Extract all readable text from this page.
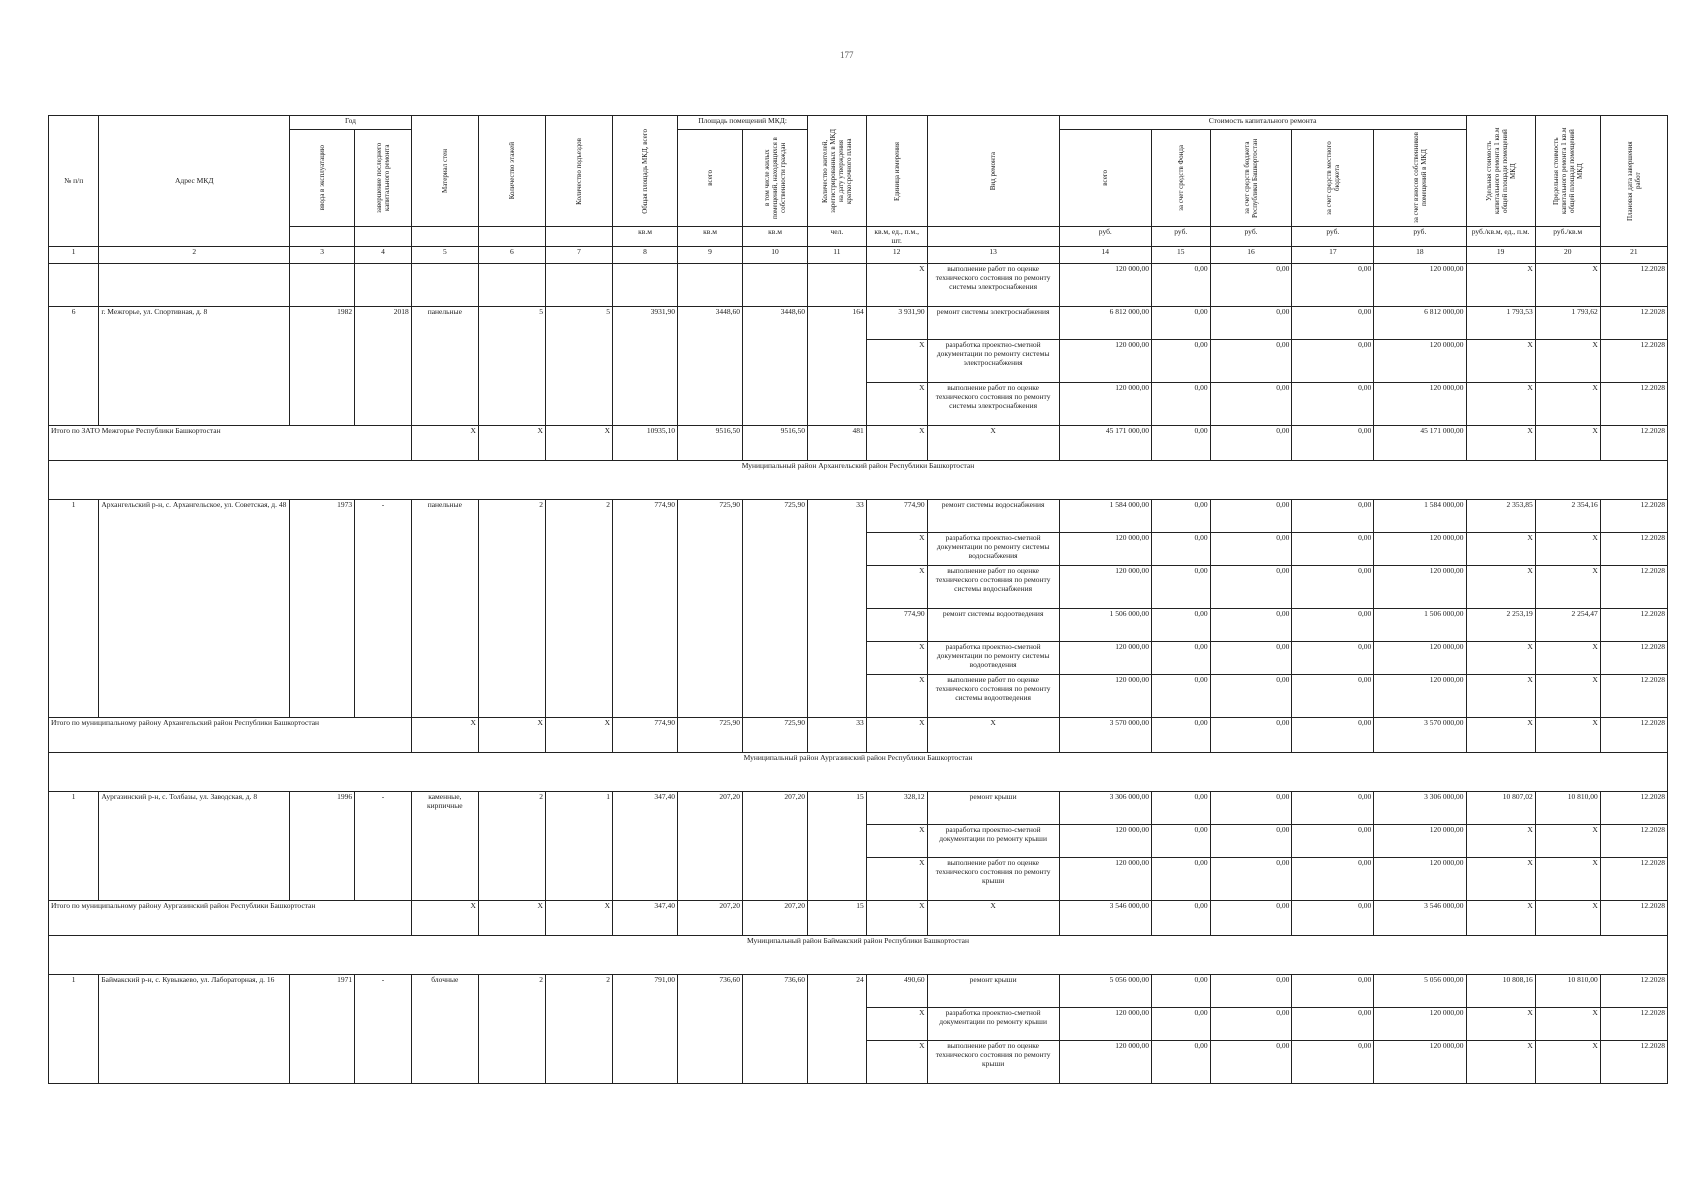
177
№ п/п	Адрес МКД	Год		Материал стен	Количество этажей	Количество подъездов	Общая площадь МКД, всего	Площадь помещений МКД:		Количество жителей, зарегистрированных в МКД на дату утверждения краткосрочного плана	Единица измерения	Вид ремонта	Стоимость капитального ремонта					Удельная стоимость капитального ремонта 1 кв.м общей площади помещений МКД	Предельная стоимость капитального ремонта 1 кв.м общей площади помещений МКД	Плановая дата завершения работ

		ввода в эксплуатацию	завершение последнего капитального ремонта					всего	в том числе жилых помещений, находящихся в собственности граждан				всего	за счет средств Фонда	за счет средств бюджета Республики Башкортостан	за счет средств местного бюджета	за счет взносов собственников помещений в МКД			

							кв.м	кв.м	кв.м	чел.	кв.м, ед., п.м., шт.		руб.	руб.	руб.	руб.	руб.	руб./кв.м, ед., п.м.	руб./кв.м	
1	2	3	4	5	6	7	8	9	10	11	12	13	14	15	16	17	18	19	20	21
											X	выполнение работ по оценке технического состояния по ремонту системы электроснабжения	120 000,00	0,00	0,00	0,00	120 000,00	X	X	12.2028
6	г. Межгорье, ул. Спортивная, д. 8	1982	2018	панельные	5	5	3931,90	3448,60	3448,60	164	3 931,90	ремонт системы электроснабжения	6 812 000,00	0,00	0,00	0,00	6 812 000,00	1 793,53	1 793,62	12.2028
											X	разработка проектно-сметной документации по ремонту системы электроснабжения	120 000,00	0,00	0,00	0,00	120 000,00	X	X	12.2028
											X	выполнение работ по оценке технического состояния по ремонту системы электроснабжения	120 000,00	0,00	0,00	0,00	120 000,00	X	X	12.2028
Итого по ЗАТО Межгорье Республики Башкортостан				X	X	X	10935,10	9516,50	9516,50	481	X	X	45 171 000,00	0,00	0,00	0,00	45 171 000,00	X	X	12.2028
Муниципальный район Архангельский район Республики Башкортостан																				
1	Архангельский р-н, с. Архангельское, ул. Советская, д. 48	1973	-	панельные	2	2	774,90	725,90	725,90	33	774,90	ремонт системы водоснабжения	1 584 000,00	0,00	0,00	0,00	1 584 000,00	2 353,85	2 354,16	12.2028
											X	разработка проектно-сметной документации по ремонту системы водоснабжения	120 000,00	0,00	0,00	0,00	120 000,00	X	X	12.2028
											X	выполнение работ по оценке технического состояния по ремонту системы водоснабжения	120 000,00	0,00	0,00	0,00	120 000,00	X	X	12.2028
											774,90	ремонт системы водоотведения	1 506 000,00	0,00	0,00	0,00	1 506 000,00	2 253,19	2 254,47	12.2028
											X	разработка проектно-сметной документации по ремонту системы водоотведения	120 000,00	0,00	0,00	0,00	120 000,00	X	X	12.2028
											X	выполнение работ по оценке технического состояния по ремонту системы водоотведения	120 000,00	0,00	0,00	0,00	120 000,00	X	X	12.2028
Итого по муниципальному району Архангельский район Республики Башкортостан				X	X	X	774,90	725,90	725,90	33	X	X	3 570 000,00	0,00	0,00	0,00	3 570 000,00	X	X	12.2028
Муниципальный район Аургазинский район Республики Башкортостан																				
1	Аургазинский р-н, с. Толбазы, ул. Заводская, д. 8	1996	-	каменные, кирпичные	2	1	347,40	207,20	207,20	15	328,12	ремонт крыши	3 306 000,00	0,00	0,00	0,00	3 306 000,00	10 807,02	10 810,00	12.2028
											X	разработка проектно-сметной документации по ремонту крыши	120 000,00	0,00	0,00	0,00	120 000,00	X	X	12.2028
											X	выполнение работ по оценке технического состояния по ремонту крыши	120 000,00	0,00	0,00	0,00	120 000,00	X	X	12.2028
Итого по муниципальному району Аургазинский район Республики Башкортостан				X	X	X	347,40	207,20	207,20	15	X	X	3 546 000,00	0,00	0,00	0,00	3 546 000,00	X	X	12.2028
Муниципальный район Баймакский район Республики Башкортостан																				
1	Баймакский р-н, с. Кувыкаево, ул. Лабораторная, д. 16	1971	-	блочные	2	2	791,00	736,60	736,60	24	490,60	ремонт крыши	5 056 000,00	0,00	0,00	0,00	5 056 000,00	10 808,16	10 810,00	12.2028
											X	разработка проектно-сметной документации по ремонту крыши	120 000,00	0,00	0,00	0,00	120 000,00	X	X	12.2028
											X	выполнение работ по оценке технического состояния по ремонту крыши	120 000,00	0,00	0,00	0,00	120 000,00	X	X	12.2028
